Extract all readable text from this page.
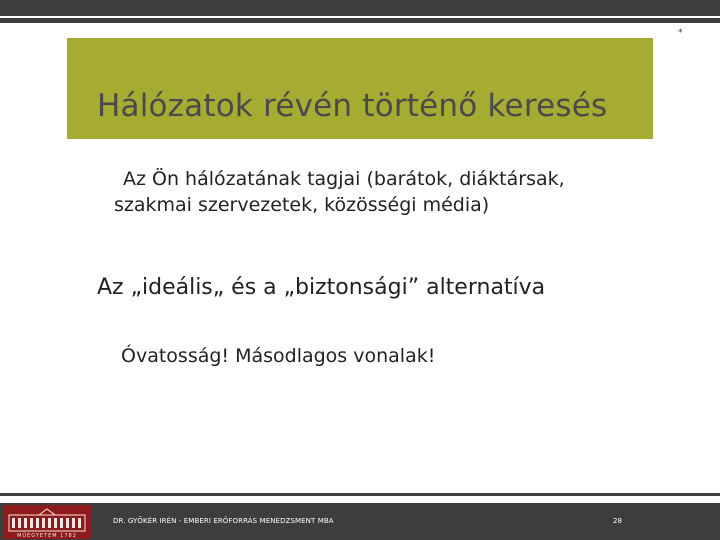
*
Hálózatok révén történő keresés
Az Ön hálózatának tagjai (barátok, diáktársak,
szakmai szervezetek, közösségi média)
Az „ideális„ és a „biztonsági” alternatíva
Óvatosság! Másodlagos vonalak!
MŰEGYETEM 1782
DR. GYŐKÉR IRÉN - EMBERI ERŐFORRÁS MENEDZSMENT MBA	28
